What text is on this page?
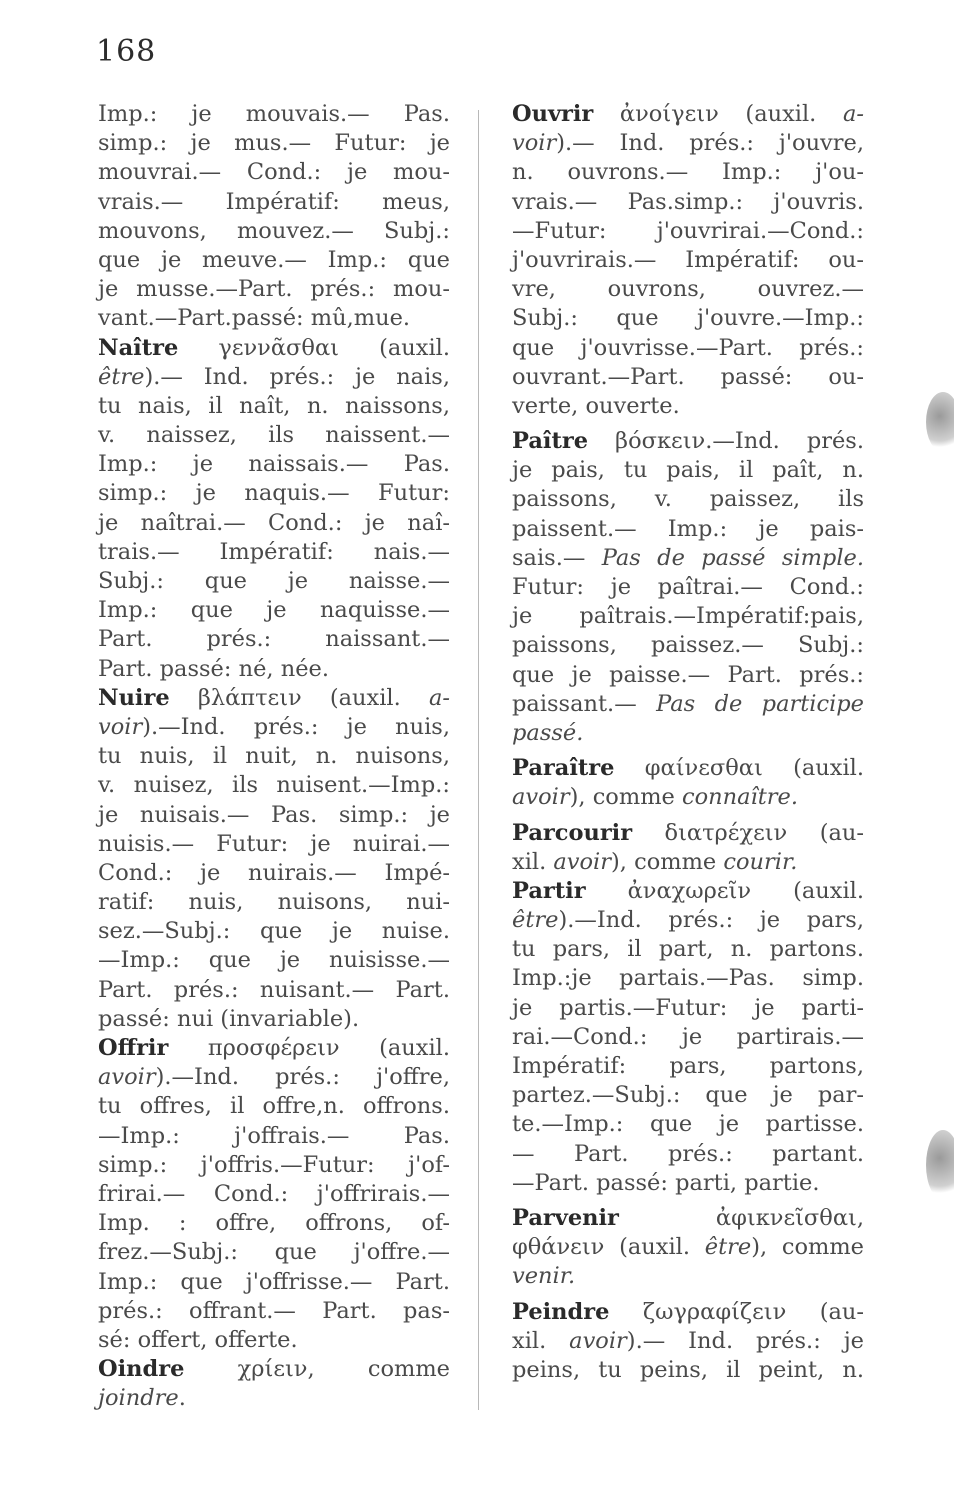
168
Imp.: je mouvais.— Pas.
simp.: je mus.— Futur: je
mouvrai.— Cond.: je mou-
vrais.— Impératif: meus,
mouvons, mouvez.— Subj.:
que je meuve.— Imp.: que
je musse.—Part. prés.: mou-
vant.—Part.passé: mû,mue.
Naître γεννᾶσθαι (auxil.
être).— Ind. prés.: je nais,
tu nais, il naît, n. naissons,
v. naissez, ils naissent.—
Imp.: je naissais.— Pas.
simp.: je naquis.— Futur:
je naîtrai.— Cond.: je naî-
trais.— Impératif: nais.—
Subj.: que je naisse.—
Imp.: que je naquisse.—
Part. prés.: naissant.—
Part. passé: né, née.
Nuire βλάπτειν (auxil. a-
voir).—Ind. prés.: je nuis,
tu nuis, il nuit, n. nuisons,
v. nuisez, ils nuisent.—Imp.:
je nuisais.— Pas. simp.: je
nuisis.— Futur: je nuirai.—
Cond.: je nuirais.— Impé-
ratif: nuis, nuisons, nui-
sez.—Subj.: que je nuise.
—Imp.: que je nuisisse.—
Part. prés.: nuisant.— Part.
passé: nui (invariable).
Offrir προσφέρειν (auxil.
avoir).—Ind. prés.: j'offre,
tu offres, il offre,n. offrons.
—Imp.: j'offrais.— Pas.
simp.: j'offris.—Futur: j'of-
frirai.— Cond.: j'offrirais.—
Imp. : offre, offrons, of-
frez.—Subj.: que j'offre.—
Imp.: que j'offrisse.— Part.
prés.: offrant.— Part. pas-
sé: offert, offerte.
Oindre χρίειν, comme
joindre.
Ouvrir ἀνοίγειν (auxil. a-
voir).— Ind. prés.: j'ouvre,
n. ouvrons.— Imp.: j'ou-
vrais.— Pas.simp.: j'ouvris.
—Futur: j'ouvrirai.—Cond.:
j'ouvrirais.— Impératif: ou-
vre, ouvrons, ouvrez.—
Subj.: que j'ouvre.—Imp.:
que j'ouvrisse.—Part. prés.:
ouvrant.—Part. passé: ou-
verte, ouverte.
Paître βόσκειν.—Ind. prés.
je pais, tu pais, il paît, n.
paissons, v. paissez, ils
paissent.— Imp.: je pais-
sais.— Pas de passé simple.
Futur: je paîtrai.— Cond.:
je paîtrais.—Impératif:pais,
paissons, paissez.— Subj.:
que je paisse.— Part. prés.:
paissant.— Pas de participe
passé.
Paraître φαίνεσθαι (auxil.
avoir), comme connaître.
Parcourir διατρέχειν (au-
xil. avoir), comme courir.
Partir ἀναχωρεῖν (auxil.
être).—Ind. prés.: je pars,
tu pars, il part, n. partons.
Imp.:je partais.—Pas. simp.
je partis.—Futur: je parti-
rai.—Cond.: je partirais.—
Impératif: pars, partons,
partez.—Subj.: que je par-
te.—Imp.: que je partisse.
— Part. prés.: partant.
—Part. passé: parti, partie.
Parvenir ἀφικνεῖσθαι,
φθάνειν (auxil. être), comme
venir.
Peindre ζωγραφίζειν (au-
xil. avoir).— Ind. prés.: je
peins, tu peins, il peint, n.
